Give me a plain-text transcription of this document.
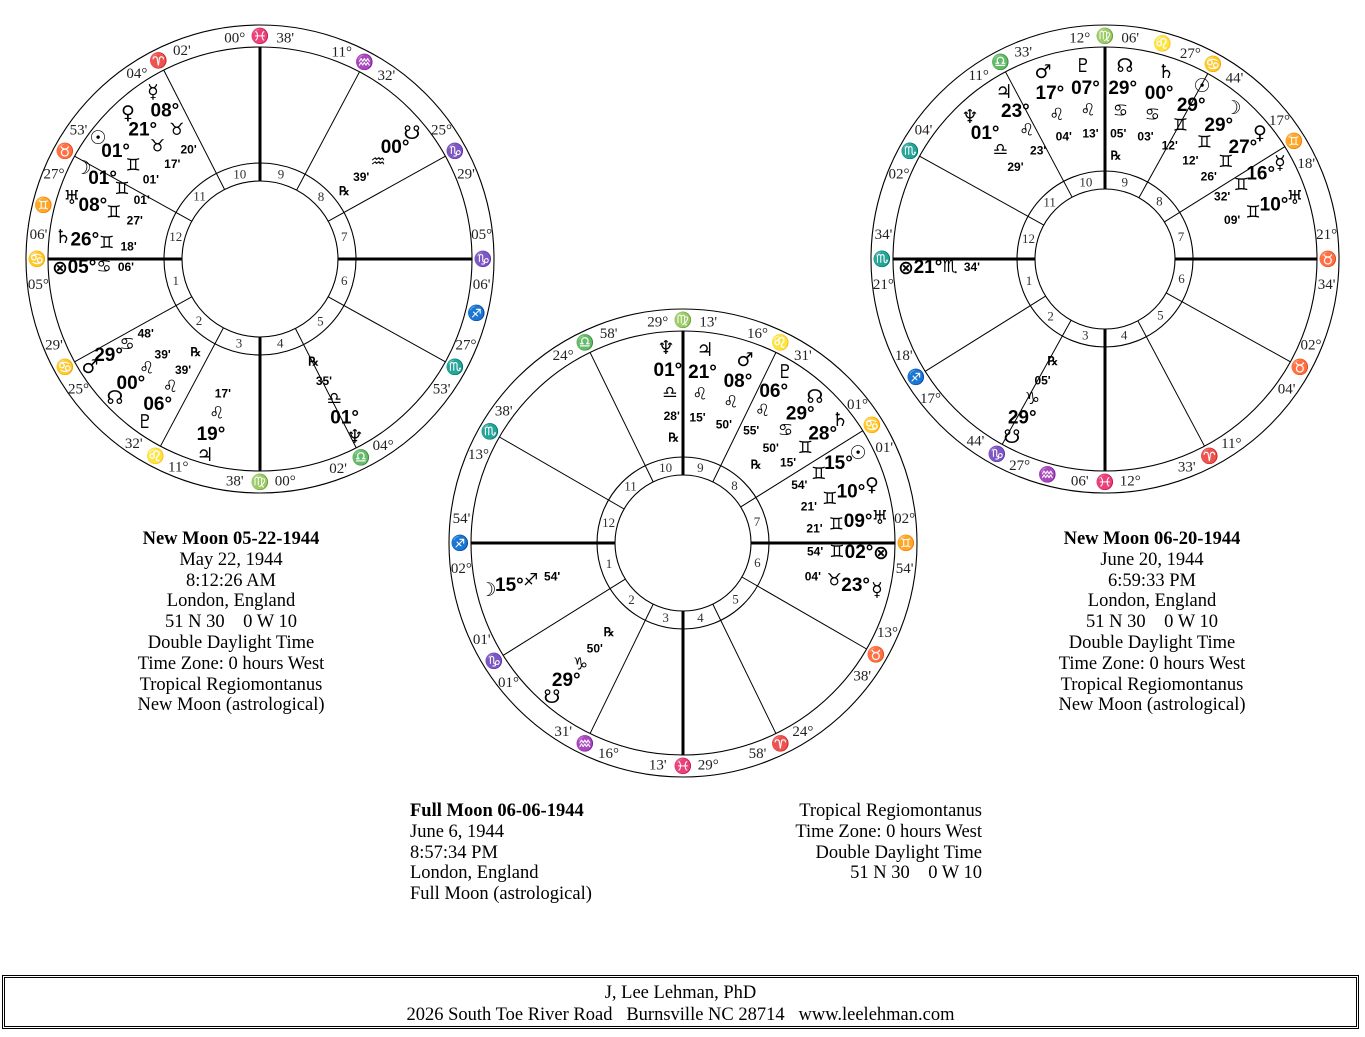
05°
♋
06'
1
25°
♋
29'
2
11°
♌
32'
3
00°
♍
38'
4
04°
♎
02'
5
27°
♏
53'
6
05°
♑
06'
7
25°
♑
29'
8
11°
♒
32'
9
00° ♓ 38'
10
04°
♈
02'
11
27°
♉
53'
12
♊
♐
☿
08°
♉
20'
♀
21°
♉
17'
☉
01°
♊
01'
☽
01°
♊
01'
♅
08°
♊ 27'
♄
26° ♊ 18'
⊗ 05° ♋ 06'
♂
29°
♋
48'
☊
00°
♌
39'
♇
06°
♌
39'
℞
♃
19°
♌
17'
♆
01°
♎
35'
℞
☋
00°
♒
39'
℞
02°
♐
54'
1
01°
♑
01'
2
16°
♒
31'
3
29°
♓
13'
4
24°
♈
58'
5
13°
♉
38'
6
02°
♊
54'
7
01°
♋
01'
8
16°
♌
31'
9
29° ♍ 13'
10
24°
♎
58'
11
13°
♏
38'
12
♆
01°
♎
28'
℞
♃
21°
♌
15'
♂
08°
♌
50'
♇
06°
♌
55'
☊
29°
♋
50'
℞
♄
28°
♊
15'	☉
15°
♊
54'	♀
10°
♊
21'
♅
09°
♊
21'
⊗
02°
♊
54'
☿
23°
♉
04'
☽
15° ♐ 54'
☋
29°
♑
50'
℞
21°
♏
34'
1
17°
♐
18'
2
27°
♑
44'
3
12°
♓
06'
4
11°
♈
33'
5
02°
♉
04'
6
21°
♉
34'
7
17°
♊
18'
8
27°
♋
44'
9
12° ♍ 06'
10
11°
♎
33'
11
02°
♏
04'
12
♌
♒
♆
01°
♎
29'
♃
23°
♌
23'
♂
17°
♌
04'
♇
07°
♌
13'
☊
29°
♋
05'
℞
♄
00°
♋
03'
☉
29°
♊
12'
☽
29°
♊
12'
♀
27°
♊
26'
☿
16°
♊
32'	♅
10°
♊
09'
⊗ 21° ♏ 34'
☋
29°
♑
05'
℞
New Moon 05-22-1944
May 22, 1944
8:12:26 AM
London, England
51 N 30    0 W 10
Double Daylight Time
Time Zone: 0 hours West
Tropical Regiomontanus
New Moon (astrological)
Full Moon 06-06-1944
June 6, 1944
8:57:34 PM
London, England
Full Moon (astrological)
Tropical Regiomontanus
Time Zone: 0 hours West
Double Daylight Time
51 N 30    0 W 10
New Moon 06-20-1944
June 20, 1944
6:59:33 PM
London, England
51 N 30    0 W 10
Double Daylight Time
Time Zone: 0 hours West
Tropical Regiomontanus
New Moon (astrological)
J, Lee Lehman, PhD
2026 South Toe River Road   Burnsville NC 28714   www.leelehman.com
